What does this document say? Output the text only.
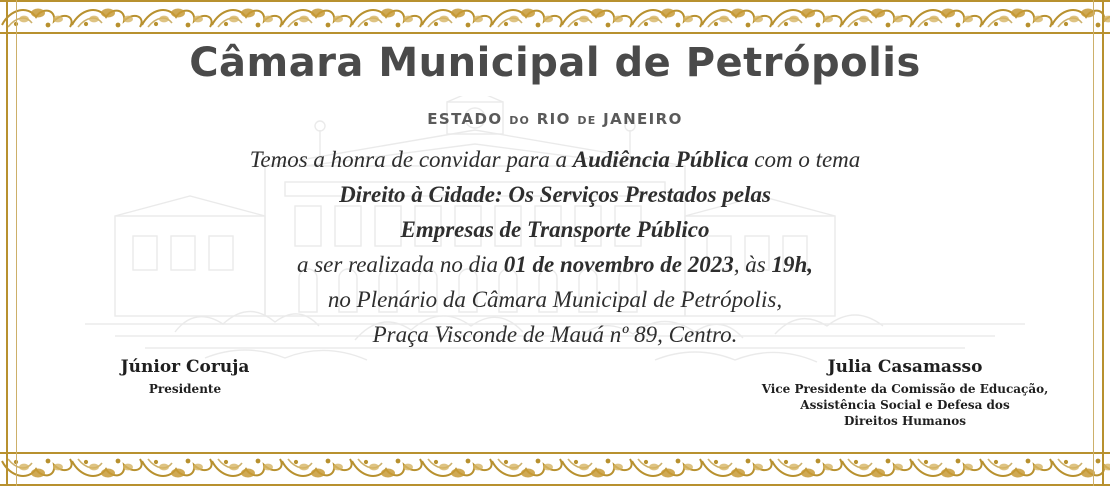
Câmara Municipal de Petrópolis
ESTADO DO RIO DE JANEIRO
Temos a honra de convidar para a Audiência Pública com o tema
Direito à Cidade: Os Serviços Prestados pelas
Empresas de Transporte Público
a ser realizada no dia 01 de novembro de 2023, às 19h,
no Plenário da Câmara Municipal de Petrópolis,
Praça Visconde de Mauá nº 89, Centro.
Júnior Coruja
Presidente
Julia Casamasso
Vice Presidente da Comissão de Educação,
Assistência Social e Defesa dos
Direitos Humanos
